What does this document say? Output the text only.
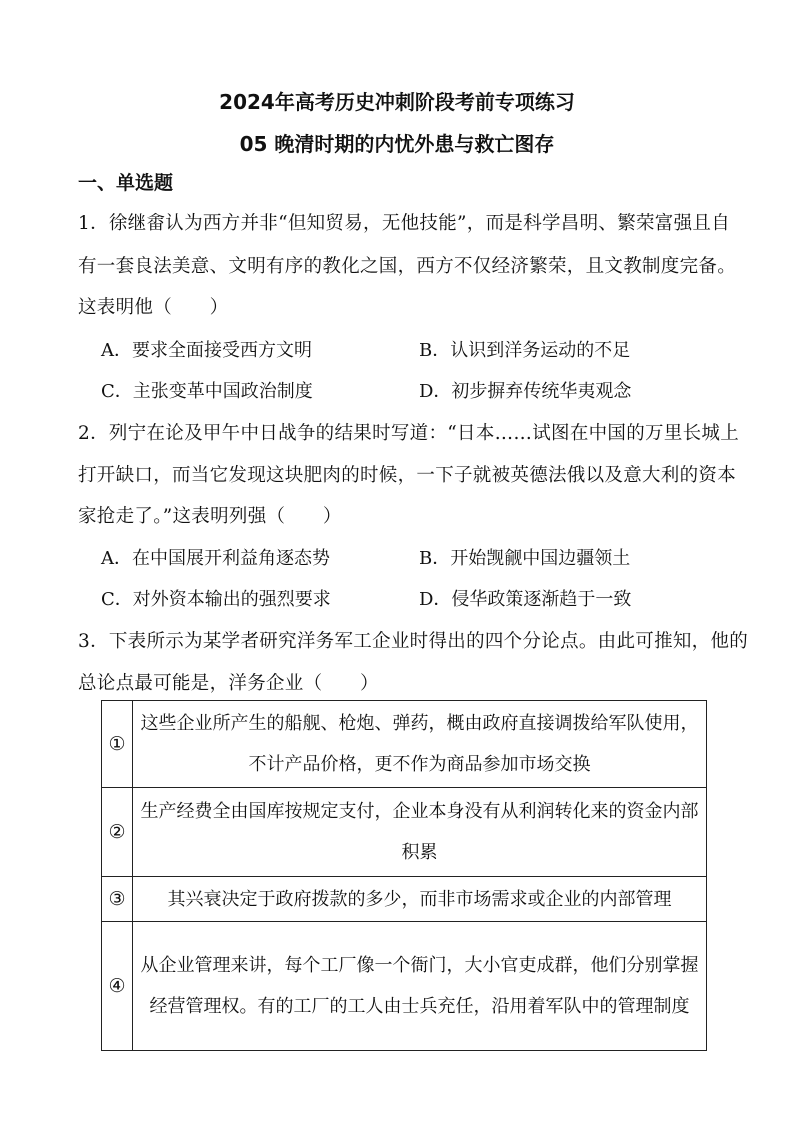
2024年高考历史冲刺阶段考前专项练习
05 晚清时期的内忧外患与救亡图存
一、单选题
1．徐继畬认为西方并非“但知贸易，无他技能”，而是科学昌明、繁荣富强且自
有一套良法美意、文明有序的教化之国，西方不仅经济繁荣，且文教制度完备。
这表明他（　　）
A．要求全面接受西方文明	B．认识到洋务运动的不足
C．主张变革中国政治制度	D．初步摒弃传统华夷观念
2．列宁在论及甲午中日战争的结果时写道：“日本……试图在中国的万里长城上
打开缺口，而当它发现这块肥肉的时候，一下子就被英德法俄以及意大利的资本
家抢走了。”这表明列强（　　）
A．在中国展开利益角逐态势	B．开始觊觎中国边疆领土
C．对外资本输出的强烈要求	D．侵华政策逐渐趋于一致
3．下表所示为某学者研究洋务军工企业时得出的四个分论点。由此可推知，他的
总论点最可能是，洋务企业（　　）
①	这些企业所产生的船舰、枪炮、弹药，概由政府直接调拨给军队使用，不计产品价格，更不作为商品参加市场交换
②	生产经费全由国库按规定支付，企业本身没有从利润转化来的资金内部积累
③	其兴衰决定于政府拨款的多少，而非市场需求或企业的内部管理
④	从企业管理来讲，每个工厂像一个衙门，大小官吏成群，他们分别掌握经营管理权。有的工厂的工人由士兵充任，沿用着军队中的管理制度
